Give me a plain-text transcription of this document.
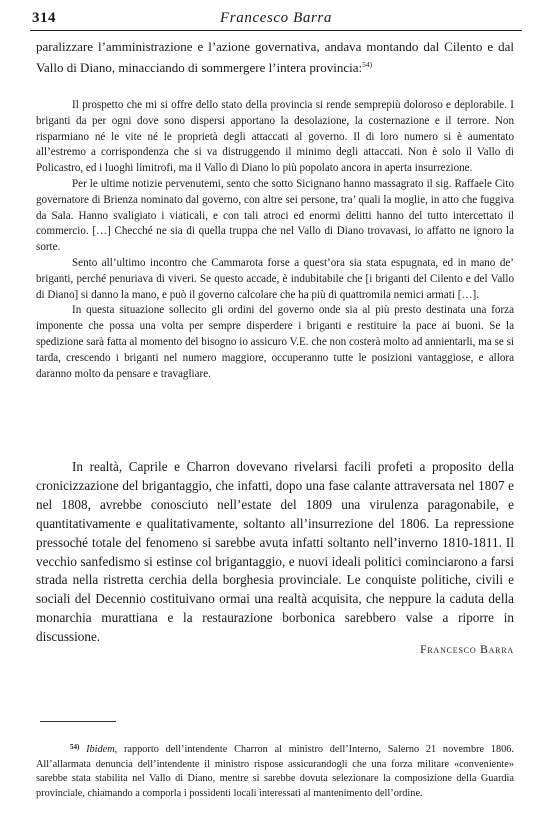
314	Francesco Barra

paralizzare l’amministrazione e l’azione governativa, andava montando dal Cilento e dal Vallo di Diano, minacciando di sommergere l’intera provincia:$^{54)}$

Il prospetto che mi si offre dello stato della provincia si rende semprepiù doloroso e deplorabile. I briganti da per ogni dove sono dispersi apportano la desolazione, la costernazione e il terrore. Non risparmiano né le vite né le proprietà degli attaccati al governo. Il di loro numero si è aumentato all’estremo a corrispondenza che si va distruggendo il minimo degli attaccati. Non è solo il Vallo di Policastro, ed i luoghi limitrofi, ma il Vallo di Diano lo più popolato ancora in aperta insurrezione.

Per le ultime notizie pervenutemi, sento che sotto Sicignano hanno massagrato il sig. Raffaele Cito governatore di Brienza nominato dal governo, con altre sei persone, tra’ quali la moglie, in atto che fuggiva da Sala. Hanno svaligiato i viaticali, e con tali atroci ed enormi delitti hanno del tutto intercettato il commercio. […] Checché ne sia di quella truppa che nel Vallo di Diano trovavasi, io affatto ne ignoro la sorte.

Sento all’ultimo incontro che Cammarota forse a quest’ora sia stata espugnata, ed in mano de’ briganti, perché penuriava di viveri. Se questo accade, è indubitabile che [i briganti del Cilento e del Vallo di Diano] si danno la mano, e può il governo calcolare che ha più di quattromila nemici armati […].

In questa situazione sollecito gli ordini del governo onde sia al più presto destinata una forza imponente che possa una volta per sempre disperdere i briganti e restituire la pace ai buoni. Se la spedizione sarà fatta al momento del bisogno io assicuro V.E. che non costerà molto ad annientarli, ma se si tarda, crescendo i briganti nel numero maggiore, occuperanno tutte le posizioni vantaggiose, e allora daranno molto da pensare e travagliare.

In realtà, Caprile e Charron dovevano rivelarsi facili profeti a proposito della cronicizzazione del brigantaggio, che infatti, dopo una fase calante attraversata nel 1807 e nel 1808, avrebbe conosciuto nell’estate del 1809 una virulenza paragonabile, e quantitativamente e qualitativamente, soltanto all’insurrezione del 1806. La repressione pressoché totale del fenomeno si sarebbe avuta infatti soltanto nell’inverno 1810-1811. Il vecchio sanfedismo si estinse col brigantaggio, e nuovi ideali politici cominciarono a farsi strada nella ristretta cerchia della borghesia provinciale. Le conquiste politiche, civili e sociali del Decennio costituivano ormai una realtà acquisita, che neppure la caduta della monarchia murattiana e la restaurazione borbonica sarebbero valse a riporre in discussione.

Francesco Barra

$^{54)}$ Ibidem, rapporto dell’intendente Charron al ministro dell’Interno, Salerno 21 novembre 1806. All’allarmata denuncia dell’intendente il ministro rispose assicurandogli che una forza militare «conveniente» sarebbe stata stabilita nel Vallo di Diano, mentre si sarebbe dovuta selezionare la composizione della Guardia provinciale, chiamando a comporla i possidenti locali interessati al mantenimento dell’ordine.
